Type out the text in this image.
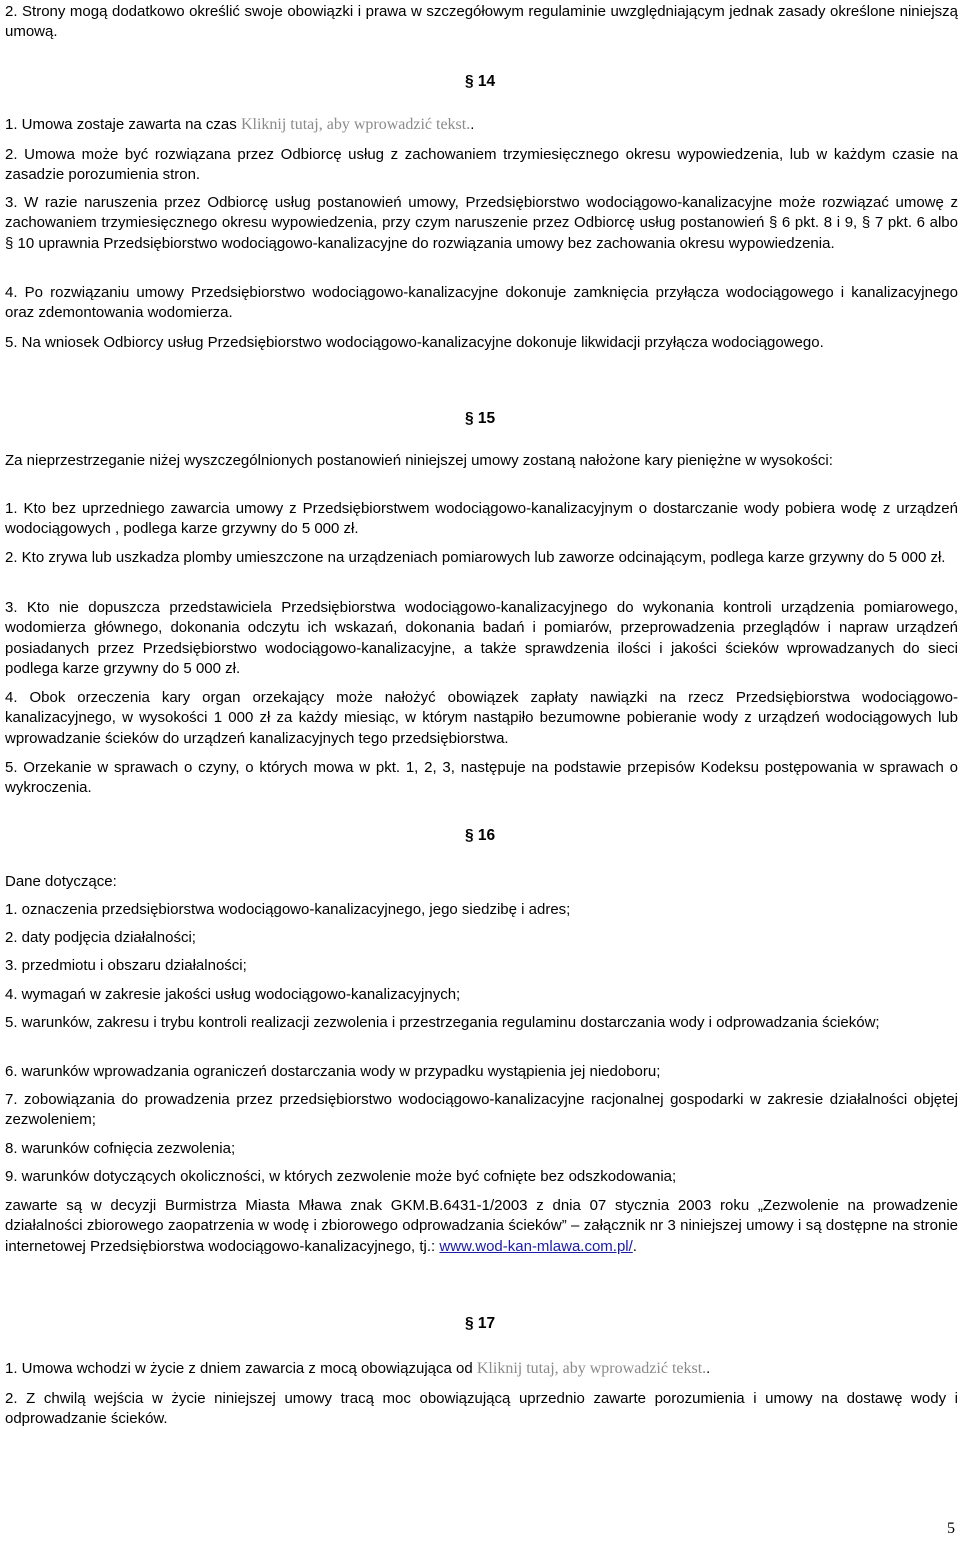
2. Strony mogą dodatkowo określić swoje obowiązki i prawa w szczegółowym regulaminie uwzględniającym jednak zasady określone niniejszą umową.

§ 14

1. Umowa zostaje zawarta na czas Kliknij tutaj, aby wprowadzić tekst..

2. Umowa może być rozwiązana przez Odbiorcę usług z zachowaniem trzymiesięcznego okresu wypowiedzenia, lub w każdym czasie na zasadzie porozumienia stron.

3. W razie naruszenia przez Odbiorcę usług postanowień umowy, Przedsiębiorstwo wodociągowo-kanalizacyjne może rozwiązać umowę z zachowaniem trzymiesięcznego okresu wypowiedzenia, przy czym naruszenie przez Odbiorcę usług postanowień § 6 pkt. 8 i 9, § 7 pkt. 6 albo § 10 uprawnia Przedsiębiorstwo wodociągowo-kanalizacyjne do rozwiązania umowy bez zachowania okresu wypowiedzenia.

4. Po rozwiązaniu umowy Przedsiębiorstwo wodociągowo-kanalizacyjne dokonuje zamknięcia przyłącza wodociągowego i kanalizacyjnego oraz zdemontowania wodomierza.

5. Na wniosek Odbiorcy usług Przedsiębiorstwo wodociągowo-kanalizacyjne dokonuje likwidacji przyłącza wodociągowego.

§ 15

Za nieprzestrzeganie niżej wyszczególnionych postanowień niniejszej umowy zostaną nałożone kary pieniężne w wysokości:

1. Kto bez uprzedniego zawarcia umowy z Przedsiębiorstwem wodociągowo-kanalizacyjnym o dostarczanie wody pobiera wodę z urządzeń wodociągowych , podlega karze grzywny do 5 000 zł.

2. Kto zrywa lub uszkadza plomby umieszczone na urządzeniach pomiarowych lub zaworze odcinającym, podlega karze grzywny do 5 000 zł.

3. Kto nie dopuszcza przedstawiciela Przedsiębiorstwa wodociągowo-kanalizacyjnego do wykonania kontroli urządzenia pomiarowego, wodomierza głównego, dokonania odczytu ich wskazań, dokonania badań i pomiarów, przeprowadzenia przeglądów i napraw urządzeń posiadanych przez Przedsiębiorstwo wodociągowo-kanalizacyjne, a także sprawdzenia ilości i jakości ścieków wprowadzanych do sieci podlega karze grzywny do 5 000 zł.

4. Obok orzeczenia kary organ orzekający może nałożyć obowiązek zapłaty nawiązki na rzecz Przedsiębiorstwa wodociągowo-kanalizacyjnego, w wysokości 1 000 zł za każdy miesiąc, w którym nastąpiło bezumowne pobieranie wody z urządzeń wodociągowych lub wprowadzanie ścieków do urządzeń kanalizacyjnych tego przedsiębiorstwa.

5. Orzekanie w sprawach o czyny, o których mowa w pkt. 1, 2, 3, następuje na podstawie przepisów Kodeksu postępowania w sprawach o wykroczenia.

§ 16

Dane dotyczące:

1. oznaczenia przedsiębiorstwa wodociągowo-kanalizacyjnego, jego siedzibę i adres;

2. daty podjęcia działalności;

3. przedmiotu i obszaru działalności;

4. wymagań w zakresie jakości usług wodociągowo-kanalizacyjnych;

5. warunków, zakresu i trybu kontroli realizacji zezwolenia i przestrzegania regulaminu dostarczania wody i odprowadzania ścieków;

6. warunków wprowadzania ograniczeń dostarczania wody w przypadku wystąpienia jej niedoboru;

7. zobowiązania do prowadzenia przez przedsiębiorstwo wodociągowo-kanalizacyjne racjonalnej gospodarki w zakresie działalności objętej zezwoleniem;

8. warunków cofnięcia zezwolenia;

9. warunków dotyczących okoliczności, w których zezwolenie może być cofnięte bez odszkodowania;

zawarte są w decyzji Burmistrza Miasta Mława znak GKM.B.6431-1/2003 z dnia 07 stycznia 2003 roku „Zezwolenie na prowadzenie działalności zbiorowego zaopatrzenia w wodę i zbiorowego odprowadzania ścieków” – załącznik nr 3 niniejszej umowy i są dostępne na stronie internetowej Przedsiębiorstwa wodociągowo-kanalizacyjnego, tj.: www.wod-kan-mlawa.com.pl/.

§ 17

1. Umowa wchodzi w życie z dniem zawarcia z mocą obowiązująca od Kliknij tutaj, aby wprowadzić tekst..

2. Z chwilą wejścia w życie niniejszej umowy tracą moc obowiązującą uprzednio zawarte porozumienia i umowy na dostawę wody i odprowadzanie ścieków.

5
